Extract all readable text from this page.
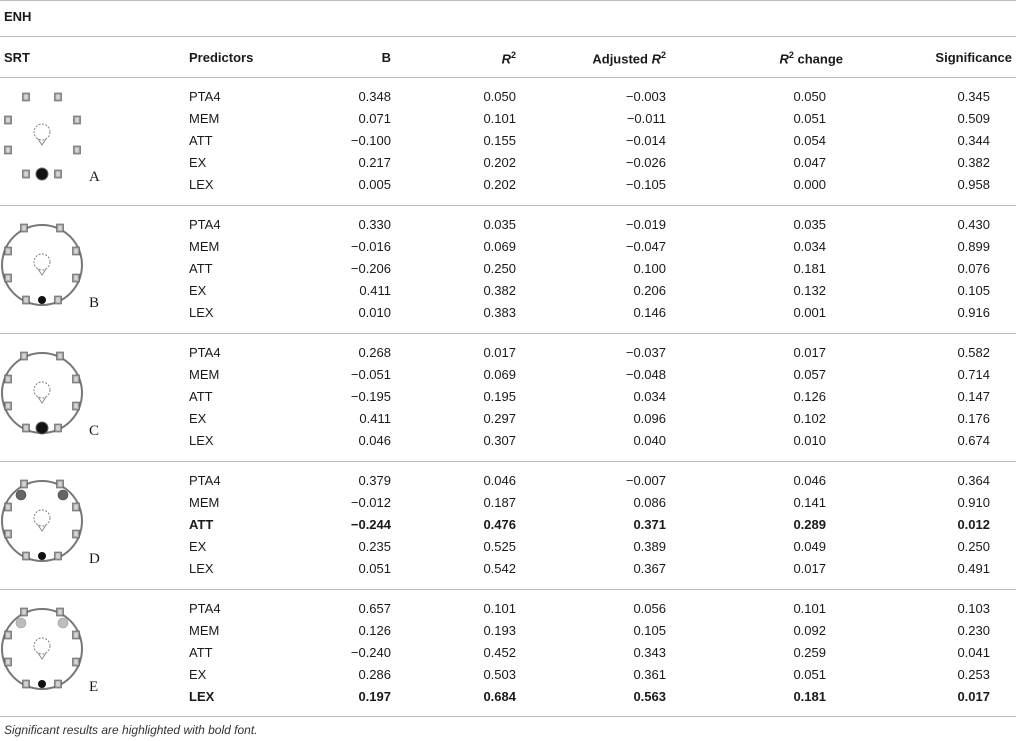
ENH
SRT	Predictors	B	$R^2$	Adjusted $R^2$	$R^2$ change	Significance
A
PTA4	0.348	0.050	−0.003	0.050	0.345
MEM	0.071	0.101	−0.011	0.051	0.509
ATT	−0.100	0.155	−0.014	0.054	0.344
EX	0.217	0.202	−0.026	0.047	0.382
LEX	0.005	0.202	−0.105	0.000	0.958
B
PTA4	0.330	0.035	−0.019	0.035	0.430
MEM	−0.016	0.069	−0.047	0.034	0.899
ATT	−0.206	0.250	0.100	0.181	0.076
EX	0.411	0.382	0.206	0.132	0.105
LEX	0.010	0.383	0.146	0.001	0.916
C
PTA4	0.268	0.017	−0.037	0.017	0.582
MEM	−0.051	0.069	−0.048	0.057	0.714
ATT	−0.195	0.195	0.034	0.126	0.147
EX	0.411	0.297	0.096	0.102	0.176
LEX	0.046	0.307	0.040	0.010	0.674
D
PTA4	0.379	0.046	−0.007	0.046	0.364
MEM	−0.012	0.187	0.086	0.141	0.910
ATT	−0.244	0.476	0.371	0.289	0.012
EX	0.235	0.525	0.389	0.049	0.250
LEX	0.051	0.542	0.367	0.017	0.491
E
PTA4	0.657	0.101	0.056	0.101	0.103
MEM	0.126	0.193	0.105	0.092	0.230
ATT	−0.240	0.452	0.343	0.259	0.041
EX	0.286	0.503	0.361	0.051	0.253
LEX	0.197	0.684	0.563	0.181	0.017
Significant results are highlighted with bold font.
